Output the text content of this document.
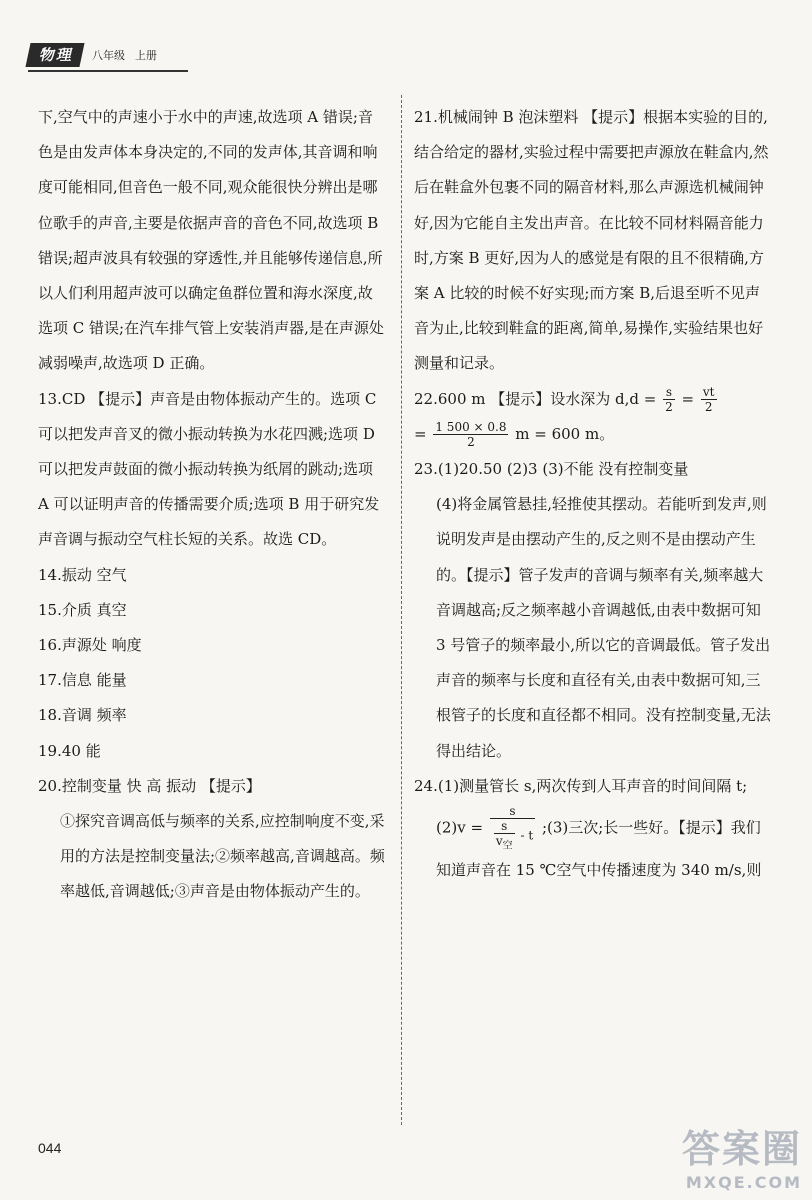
物理	八年级 上册

下,空气中的声速小于水中的声速,故选项 A 错误;音色是由发声体本身决定的,不同的发声体,其音调和响度可能相同,但音色一般不同,观众能很快分辨出是哪位歌手的声音,主要是依据声音的音色不同,故选项 B 错误;超声波具有较强的穿透性,并且能够传递信息,所以人们利用超声波可以确定鱼群位置和海水深度,故选项 C 错误;在汽车排气管上安装消声器,是在声源处减弱噪声,故选项 D 正确。

13.CD 【提示】声音是由物体振动产生的。选项 C 可以把发声音叉的微小振动转换为水花四溅;选项 D 可以把发声鼓面的微小振动转换为纸屑的跳动;选项 A 可以证明声音的传播需要介质;选项 B 用于研究发声音调与振动空气柱长短的关系。故选 CD。

14.振动 空气

15.介质 真空

16.声源处 响度

17.信息 能量

18.音调 频率

19.40 能

20.控制变量 快 高 振动 【提示】

①探究音调高低与频率的关系,应控制响度不变,采用的方法是控制变量法;②频率越高,音调越高。频率越低,音调越低;③声音是由物体振动产生的。

21.机械闹钟 B 泡沫塑料 【提示】根据本实验的目的,结合给定的器材,实验过程中需要把声源放在鞋盒内,然后在鞋盒外包裹不同的隔音材料,那么声源选机械闹钟好,因为它能自主发出声音。在比较不同材料隔音能力时,方案 B 更好,因为人的感觉是有限的且不很精确,方案 A 比较的时候不好实现;而方案 B,后退至听不见声音为止,比较到鞋盒的距离,简单,易操作,实验结果也好测量和记录。

22.600 m 【提示】设水深为 $d,d = \frac{s}{2} = \frac{vt}{2}$

= $\frac{1 500 \times 0.8}{2}$ m = 600 m。

23.(1)20.50 (2)3 (3)不能 没有控制变量

(4)将金属管悬挂,轻推使其摆动。若能听到发声,则说明发声是由摆动产生的,反之则不是由摆动产生的。【提示】管子发声的音调与频率有关,频率越大音调越高;反之频率越小音调越低,由表中数据可知 3 号管子的频率最小,所以它的音调最低。管子发出声音的频率与长度和直径有关,由表中数据可知,三根管子的长度和直径都不相同。没有控制变量,无法得出结论。

24.(1)测量管长 s,两次传到人耳声音的时间间隔 t;

$(2)v = \frac{s}{\frac{s}{v_空} - t}$ ;(3)三次;长一些好。【提示】我们

知道声音在 15 ℃空气中传播速度为 340 m/s,则

044	答案圈
MXQE.COM
